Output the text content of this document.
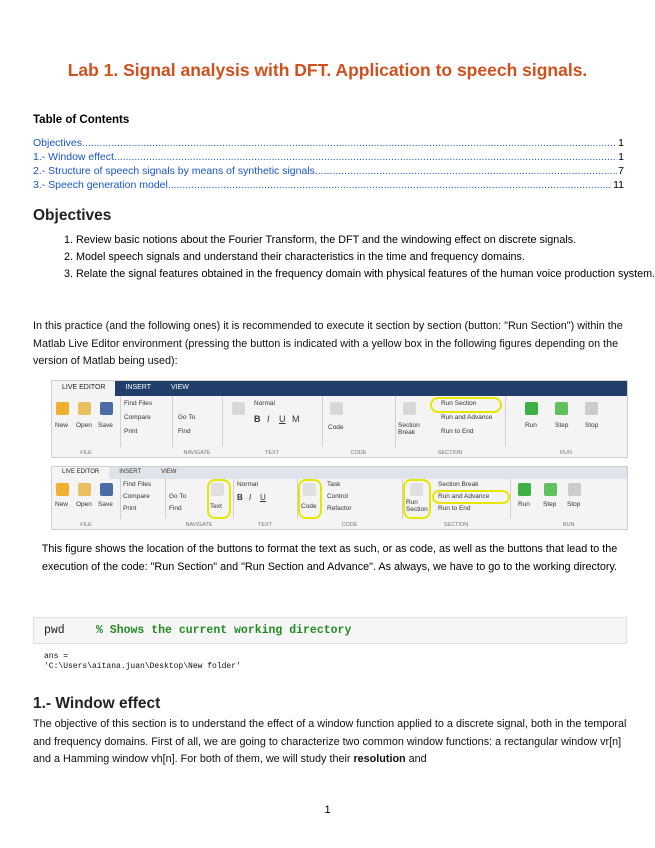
Lab 1. Signal analysis with DFT. Application to speech signals.
Table of Contents
Objectives .....	1
1.- Window effect .....	1
2.- Structure of speech signals by means of synthetic signals .....	7
3.- Speech generation model .....	11
Objectives
1. Review basic notions about the Fourier Transform, the DFT and the windowing effect on discrete signals.
2. Model speech signals and understand their characteristics in the time and frequency domains.
3. Relate the signal features obtained in the frequency domain with physical features of the human voice production system.
In this practice (and the following ones) it is recommended to execute it section by section (button: "Run Section") within the Matlab Live Editor environment (pressing the button is indicated with a yellow box in the following figures depending on the version of Matlab being used):
LIVE EDITOR	INSERT	VIEW
New Open Save
FILE
Find Files
Compare
Print
Go To
Find
NAVIGATE
Normal
B I U M
TEXT
Code
CODE
Section Break
Run Section
Run and Advance
Run to End
SECTION
Run	Step	Stop
RUN
LIVE EDITOR	INSERT	VIEW
New Open Save
FILE
Find Files
Compare
Print
Go To
Find	Text
NAVIGATE
Normal
B I U
TEXT
Code
Task
Control
Refactor
CODE
Run Section
Section Break
Run and Advance
Run to End
SECTION
Run Step Stop
RUN
This figure shows the location of the buttons to format the text as such, or as code, as well as the buttons that lead to the execution of the code: "Run Section" and "Run Section and Advance". As always, we have to go to the working directory.
pwd	% Shows the current working directory
ans =
'C:\Users\aitana.juan\Desktop\New folder'
1.- Window effect
The objective of this section is to understand the effect of a window function applied to a discrete signal, both in the temporal and frequency domains. First of all, we are going to characterize two common window functions: a rectangular window vr[n] and a Hamming window vh[n]. For both of them, we will study their resolution and
1
